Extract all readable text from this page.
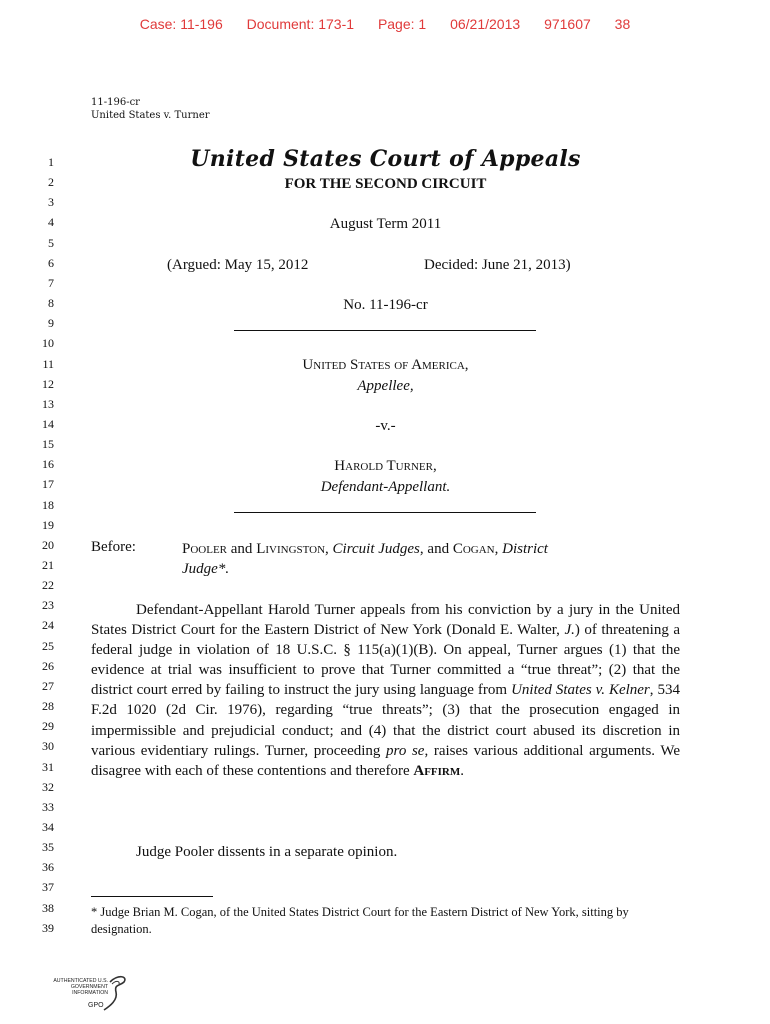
Case: 11-196 Document: 173-1 Page: 1 06/21/2013 971607 38
11-196-cr
United States v. Turner
1
2
3
4
5
6
7
8
9
10
11
12
13
14
15
16
17
18
19
20
21
22
23
24
25
26
27
28
29
30
31
32
33
34
35
36
37
38
39
United States Court of Appeals
FOR THE SECOND CIRCUIT
August Term 2011
(Argued: May 15, 2012	Decided: June 21, 2013)
No. 11-196-cr
United States of America,
Appellee,
-v.-
Harold Turner,
Defendant-Appellant.
Before:	Pooler and Livingston, Circuit Judges, and Cogan, District
Judge*.

Defendant-Appellant Harold Turner appeals from his conviction by a jury in the United States District Court for the Eastern District of New York (Donald E. Walter, J.) of threatening a federal judge in violation of 18 U.S.C. § 115(a)(1)(B). On appeal, Turner argues (1) that the evidence at trial was insufficient to prove that Turner committed a “true threat”; (2) that the district court erred by failing to instruct the jury using language from United States v. Kelner, 534 F.2d 1020 (2d Cir. 1976), regarding “true threats”; (3) that the prosecution engaged in impermissible and prejudicial conduct; and (4) that the district court abused its discretion in various evidentiary rulings. Turner, proceeding pro se, raises various additional arguments. We disagree with each of these contentions and therefore Affirm.

Judge Pooler dissents in a separate opinion.

* Judge Brian M. Cogan, of the United States District Court for the Eastern District of New York, sitting by designation.
AUTHENTICATED U.S. GOVERNMENT INFORMATION
GPO
